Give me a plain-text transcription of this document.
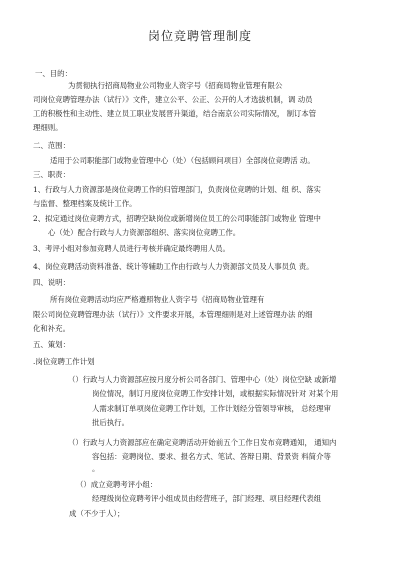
岗位竞聘管理制度
一、目的：
为贯彻执行招商局物业公司物业人资字号《招商局物业管理有限公
司岗位竞聘管理办法（试行）》文件，建立公平、公正、公开的人才选拔机制，调 动员
工的积极性和主动性、建立员工职业发展晋升渠道，结合南京公司实际情况， 制订本管
理细则。
二、范围：
适用于公司职能部门或物业管理中心（处）（包括顾问项目）全部岗位竞聘活 动。
三、职责：
1、行政与人力资源部是岗位竞聘工作的归管理部门，负责岗位竞聘的计划、组 织、落实
与监督、整理档案及统计工作。
2、拟定通过岗位竞聘方式，招聘空缺岗位或新增岗位员工的公司职能部门或物业 管理中
心（处）配合行政与人力资源部组织、落实岗位竞聘工作。
3、考评小组对参加竞聘人员进行考核并确定最终聘用人员。
4、岗位竞聘活动资料准备、统计等辅助工作由行政与人力资源部文员及人事员负 责。
四、说明：
所有岗位竞聘活动均应严格遵照物业人资字号《招商局物业管理有
限公司岗位竞聘管理办法（试行）》文件要求开展，本管理细则是对上述管理办法 的细
化和补充。
五、策划：
.岗位竞聘工作计划
（）行政与人力资源部应按月度分析公司各部门、管理中心（处）岗位空缺 或新增
岗位情况，制订月度岗位竞聘工作安排计划，或根据实际情况针对 对某个用
人需求制订单项岗位竞聘工作计划，工作计划经分管领导审核， 总经理审
批后执行。
（）行政与人力资源部应在确定竞聘活动开始前五个工作日发布竞聘通知， 通知内
容包括：竞聘岗位、要求、报名方式、笔试、答辩日期、背景资 料简介等
。
（）成立竞聘考评小组：
经理级岗位竞聘考评小组成员由经营班子，部门经理、项目经理代表组
成（不少于人）；
